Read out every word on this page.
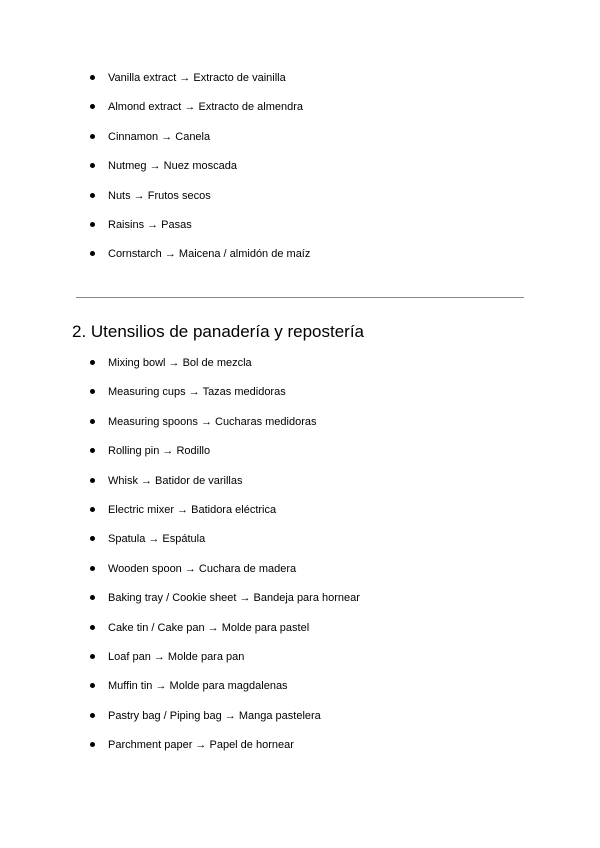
Vanilla extract → Extracto de vainilla
Almond extract → Extracto de almendra
Cinnamon → Canela
Nutmeg → Nuez moscada
Nuts → Frutos secos
Raisins → Pasas
Cornstarch → Maicena / almidón de maíz
2. Utensilios de panadería y repostería
Mixing bowl → Bol de mezcla
Measuring cups → Tazas medidoras
Measuring spoons → Cucharas medidoras
Rolling pin → Rodillo
Whisk → Batidor de varillas
Electric mixer → Batidora eléctrica
Spatula → Espátula
Wooden spoon → Cuchara de madera
Baking tray / Cookie sheet → Bandeja para hornear
Cake tin / Cake pan → Molde para pastel
Loaf pan → Molde para pan
Muffin tin → Molde para magdalenas
Pastry bag / Piping bag → Manga pastelera
Parchment paper → Papel de hornear
